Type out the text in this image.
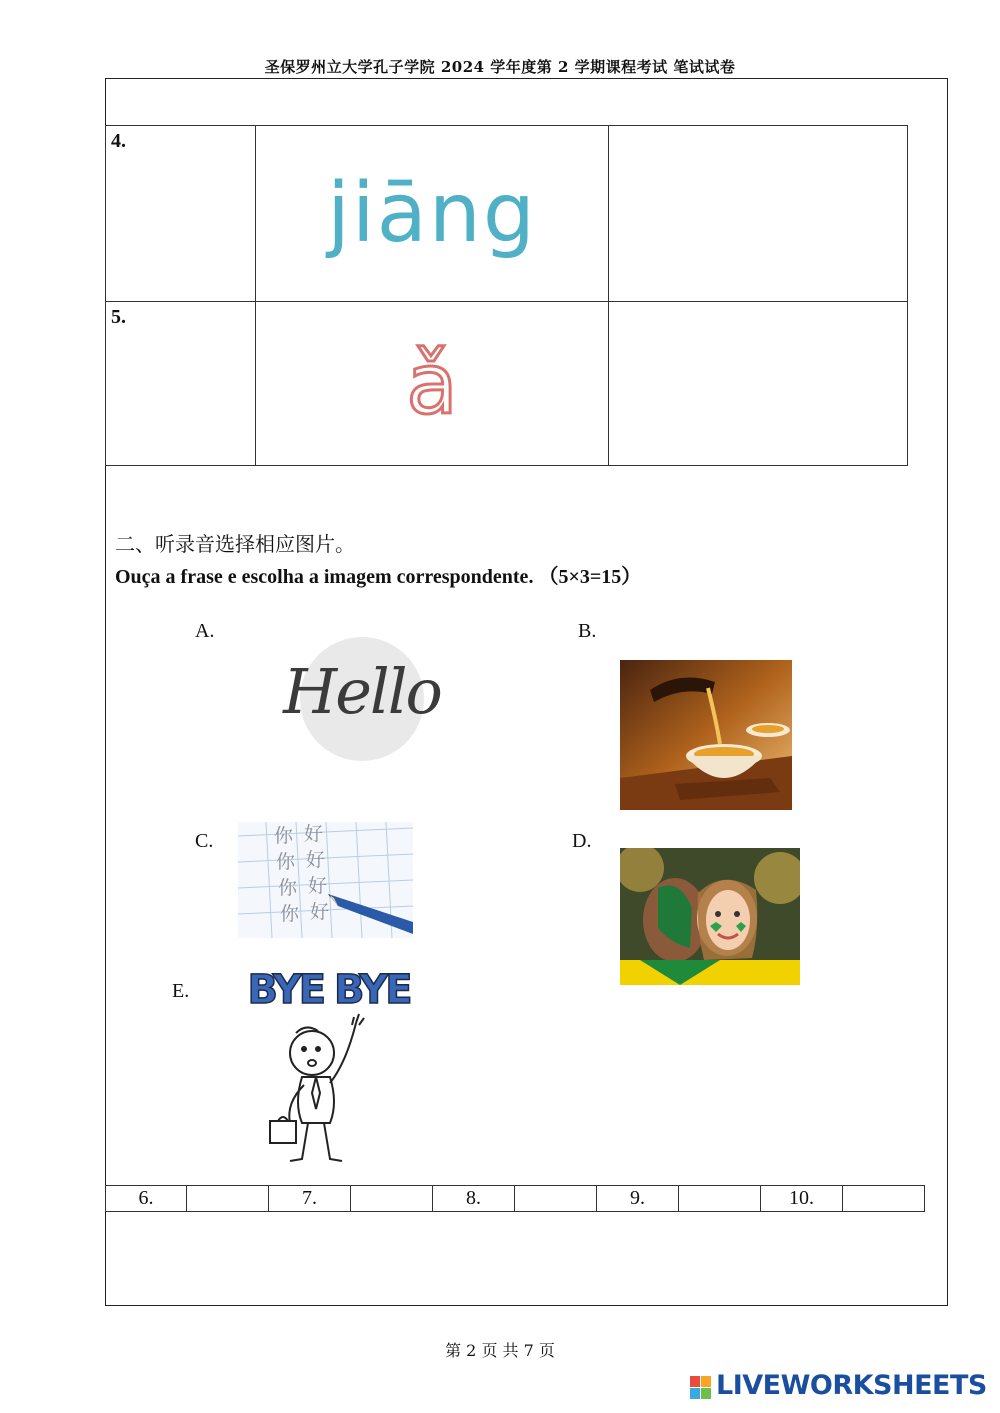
圣保罗州立大学孔子学院 2024 学年度第 2 学期课程考试 笔试试卷
4.	jiāng	
5.	ǎ	
二、听录音选择相应图片。
Ouça a frase e escolha a imagem correspondente. （5×3=15）
A.
Hello
B.
C.	你 好
你 好
你 好
你 好
D.
E. BYE BYE
6.		7.		8.		9.		10.	
第 2 页 共 7 页
LIVEWORKSHEETS
